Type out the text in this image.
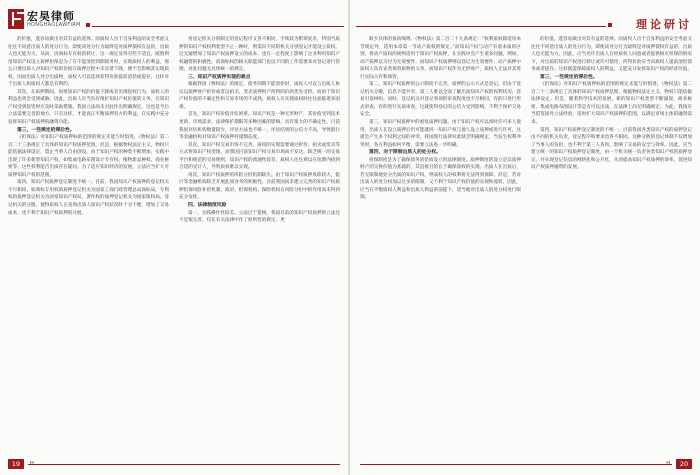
宏昊律师
HONGHAOLAWFIRM

的价值，遂容易做出对其有益的选择。而质权人出于自身利益的安全考虑又往往不同意出质人的处分行为，即使该处分行为最终是对质押债权有益的，出质人也无能为力。从而，因商标专有权的转让，这一规定显得有些不适宜。既然利用知识产权设立质押担保是为了在不能清偿到期债务时，实现质权人的利益，那么只要出质人对知识产权的价值在质押过程中未显著下降，便不会影响其实现质权，因而出质人处分出质物，质权人可以选择获得价款提前清偿或提存，这样对于出质人和质权人都是有利的。

其次，在质押期间，如果知识产权的价值下降或者出现侵权行为，质权人的利益也将会受到威胁。因此，出质人应当负有维护知识产权价值的义务，在知识产权受到侵害时应及时采取措施。我国立法尚未对此作出明确规定，这也是今后立法需要完善的地方。只有这样，才能真正平衡质押双方的利益，在实践中充分发挥知识产权质押的融资功能。

第三，一些规定的滞后性。

《担保法》对知识产权质押标的范围的规定未能与时俱进，《物权法》第二百二十三条规定了具体的知识产权质押范围。但是，根据物权法定主义，物权只能依据法律设定，禁止当事人自由创设。由于知识产权的种类不断增加，实践中出现了许多新型知识产权，如集成电路布图设计专有权、植物新品种权、商业秘密等，这些权利能否出质存在疑问。为了适应知识经济的发展，立法应当扩大可质押知识产权的范围。

第四，知识产权质押登记制度不统一。目前，我国知识产权质押的登记机关不尽相同，如商标专用权的质押登记机关为国家工商行政管理总局商标局，专利权的质押登记机关为国家知识产权局，著作权的质押登记机关为国家版权局。登记机关的分散，使得质权人在查询出质人知识产权状况时十分不便，增加了交易成本，也不利于知识产权质押的开展。

各登记机关分别制定的登记程序又各不相同，手续较为繁琐复杂，特别当质押的知识产权权利类型不止一种时，则需向不同的机关分别登记才能设立质权。这无疑增加了知识产权质押设立的成本，也在一定程度上影响了企业利用知识产权融资的积极性。而商标权的相关职能部门也以不同的工作需要来对登记进行管理，对此问题无具体统一的规定。

三、知识产权质押实现的难点

根据我国《物权法》的规定，债务到期不能清偿时，质权人可以与出质人协议以质押财产折价或者以拍卖、变卖质押财产所得的价款优先受偿。而由于知识产权价值的不确定性和交易市场的不成熟，质权人在实现质权时往往面临诸多困难。

首先，知识产权价值评估困难。知识产权是一种无形财产，其价值受到技术更新、市场需求、法律保护期限等多种因素的影响，具有很大的不确定性。目前我国评估机构数量较少，评估方法也不统一，评估结果的公信力不高，导致银行等金融机构对知识产权质押持谨慎态度。

其次，知识产权交易市场不完善。质权的实现需要通过折价、拍卖或变卖等方式将知识产权变现，而我国目前知识产权交易市场尚不发达，缺乏统一的交易平台和规范的交易规则，知识产权的流通性较差，质权人往往难以在短期内找到合适的受让人，导致质权难以实现。

再次，知识产权质押的风险分担机制缺失。由于知识产权质押风险较大，银行等金融机构缺乏开展此项业务的积极性。目前我国尚未建立完善的知识产权质押担保风险补偿机制，政府、担保机构、保险机构在风险分担中的作用尚未得到充分发挥。

四、法律制度风险

第一，实践操作性较差。立法过于笼统，我国目前的知识产权质押的立法还不是很完善，仅在有关法律中作了原则性的规定，更

19
理论研讨

缺少具体的条款细则。《物权法》第二百二十九条规定：“权利质权除适用本节规定外，适用本章第一节动产质权的规定。”而知识产权与动产有着本质的区别，将动产质权的规则适用于知识产权质押，在实践中会产生诸多问题。例如，动产质押以交付为生效要件，而知识产权质押则以登记为生效要件；动产质押中质权人负有妥善保管质物的义务，而知识产权作为无形财产，质权人无法对其进行实际占有和保管。

第二，知识产权质押的公示制度不完善。质押的公示方式是登记，但由于登记机关分散，信息不能共享，第三人难以全面了解出质知识产权的权利状况，容易引发纠纷。同时，登记机关对登记事项的审查程度也不尽相同，有的只进行形式审查，有的进行实质审查，这就使得登记的公信力受到影响，不利于保护交易安全。

第三，知识产权质押中的重复质押问题。由于知识产权可以同时许可多人使用，出质人在设立质押后仍可能就同一知识产权与他人设立质押或进行许可，这就会产生多个权利之间的冲突。我国现行法律对此缺乏明确规定，当发生权利冲突时，各方利益如何平衡，需要立法进一步明确。

第四，对于限制出质人的处分权。

担保制度是为了确保债务清偿而设立的法律制度。质押制度的设立是以质押财产的交换价值为基础的，其直接目的在于确保债权的实现。出质人在出质后，若无限制地处分出质的知识产权，则质权人的权利将无法得到保障。但是，若对出质人的处分权加以过多的限制，又不利于知识产权价值的实现和流转。因此，应当在平衡质权人利益和出质人利益的前提下，适当地对出质人的处分权进行限制。

的价值，遂容易做出对其有益的选择。而质权人出于自身利益的安全考虑又往往不同意出质人的处分行为，即使该处分行为最终是对质押债权有益的，出质人也无能为力。因此，应当允许出质人在经质权人同意或者提供相应担保的情况下，对出质的知识产权进行转让或许可使用，所得价款应当向质权人提前清偿债务或者提存。这样既能保障质权人的利益，又能充分发挥知识产权的经济价值。

第三，一些规定的滞后性。

《担保法》对知识产权质押标的范围的规定未能与时俱进，《物权法》第二百二十三条规定了具体的知识产权质押范围，根据物权法定主义，物权只能依据法律设定。但是，随着科学技术的发展，新的知识产权类型不断涌现，商业秘密、集成电路布图设计等是否可以出质，在法律上尚无明确规定。为此，我国应当借鉴国外立法经验，适时扩大知识产权质押的范围，以满足市场主体的融资需求。

第四，知识产权质押登记制度的不统一。目前我国各类知识产权的质押登记由不同的机关负责，登记程序和要求也各不相同。这种分散的登记体制不仅增加了当事人的负担，也不利于第三人查询，影响了交易的安全与效率。因此，应当建立统一的知识产权质押登记制度，由一个机关统一负责各类知识产权的质押登记，并实现登记信息的网络化和公开化，从而提高知识产权质押的效率，促进知识产权质押融资的发展。

H	20
